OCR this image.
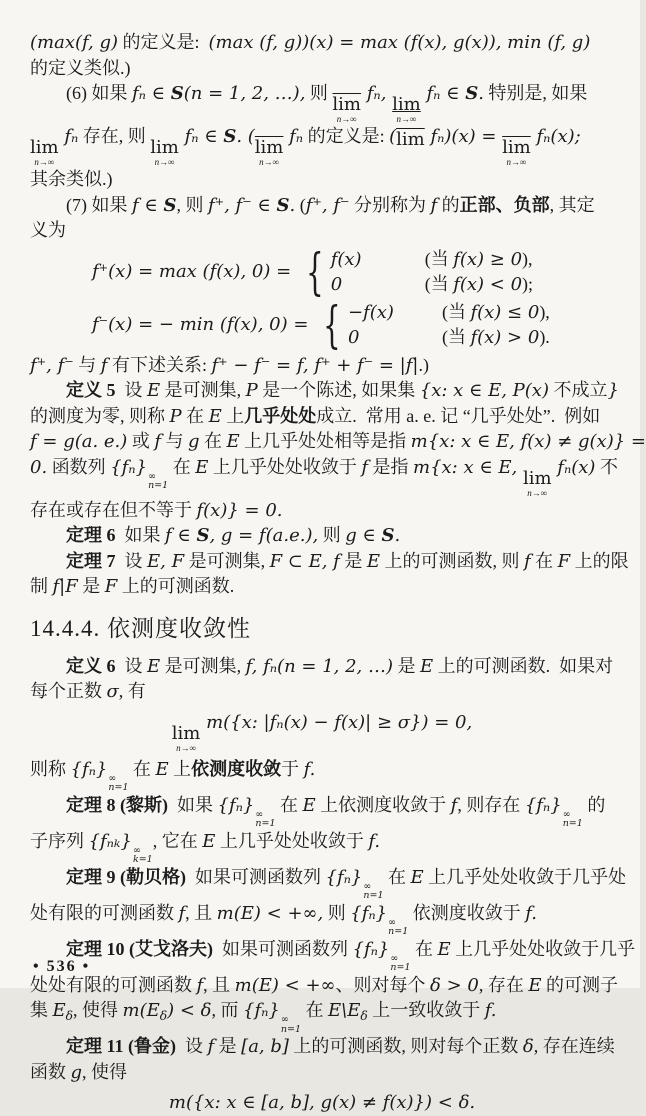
(max(f, g) 的定义是:  (max (f, g))(x) = max (f(x), g(x)), min (f, g)
的定义类似.)
(6) 如果 fₙ ∈ S(n = 1, 2, …), 则
$\overline{lim}$
n→∞
fₙ,
lim
n→∞
fₙ ∈ S. 特别是, 如果
lim
n→∞
fₙ 存在, 则
lim
n→∞
fₙ ∈ S. (
$\overline{lim}$
n→∞
fₙ 的定义是: ( $\overline{lim}$ fₙ)(x) =
$\overline{lim}$
n→∞
fₙ(x);
其余类似.)
(7) 如果 f ∈ S, 则 f⁺, f⁻ ∈ S. (f⁺, f⁻ 分别称为 f 的正部、负部, 其定
义为
f⁺(x) = max (f(x), 0) = { f(x)	(当 f(x) ≥ 0),
0	(当 f(x) < 0);
f⁻(x) = − min (f(x), 0) = { −f(x)	(当 f(x) ≤ 0),
0	(当 f(x) > 0).
f⁺, f⁻ 与 f 有下述关系: f⁺ − f⁻ = f, f⁺ + f⁻ = |f|.)
定义 5  设 E 是可测集, P 是一个陈述, 如果集 {x: x ∈ E, P(x) 不成立}
的测度为零, 则称 P 在 E 上几乎处处成立.  常用 a. e. 记 “几乎处处”.  例如
f = g(a. e.) 或 f 与 g 在 E 上几乎处处相等是指 m{x: x ∈ E, f(x) ≠ g(x)} =
0. 函数列 {fₙ} ∞
n=1
在 E 上几乎处处收敛于 f 是指 m{x: x ∈ E,
lim
n→∞
fₙ(x) 不
存在或存在但不等于 f(x)} = 0.
定理 6  如果 f ∈ S, g = f(a.e.), 则 g ∈ S.
定理 7  设 E, F 是可测集, F ⊂ E, f 是 E 上的可测函数, 则 f 在 F 上的限
制 f|F 是 F 上的可测函数.
14.4.4. 依测度收敛性
定义 6  设 E 是可测集, f, fₙ(n = 1, 2, …) 是 E 上的可测函数.  如果对
每个正数 σ, 有
lim
n→∞
m({x: |fₙ(x) − f(x)| ≥ σ}) = 0,
则称 {fₙ} ∞
n=1
在 E 上依测度收敛于 f.
定理 8 (黎斯)  如果 {fₙ} ∞
n=1
在 E 上依测度收敛于 f, 则存在 {fₙ} ∞
n=1
的
子序列 {fₙₖ} ∞
k=1
, 它在 E 上几乎处处收敛于 f.
定理 9 (勒贝格)  如果可测函数列 {fₙ} ∞
n=1
在 E 上几乎处处收敛于几乎处
处有限的可测函数 f, 且 m(E) < +∞, 则 {fₙ} ∞
n=1
依测度收敛于 f.
定理 10 (艾戈洛夫)  如果可测函数列 {fₙ} ∞
n=1
在 E 上几乎处处收敛于几乎
处处有限的可测函数 f, 且 m(E) < +∞、则对每个 δ > 0, 存在 E 的可测子
集 $E_\delta$, 使得 $m(E_\delta) < \delta$, 而 {fₙ} ∞
n=1
在 $E\backslash E_\delta$ 上一致收敛于 f.
定理 11 (鲁金)  设 f 是 [a, b] 上的可测函数, 则对每个正数 δ, 存在连续
函数 g, 使得
m({x: x ∈ [a, b], g(x) ≠ f(x)}) < δ.
• 536 •
